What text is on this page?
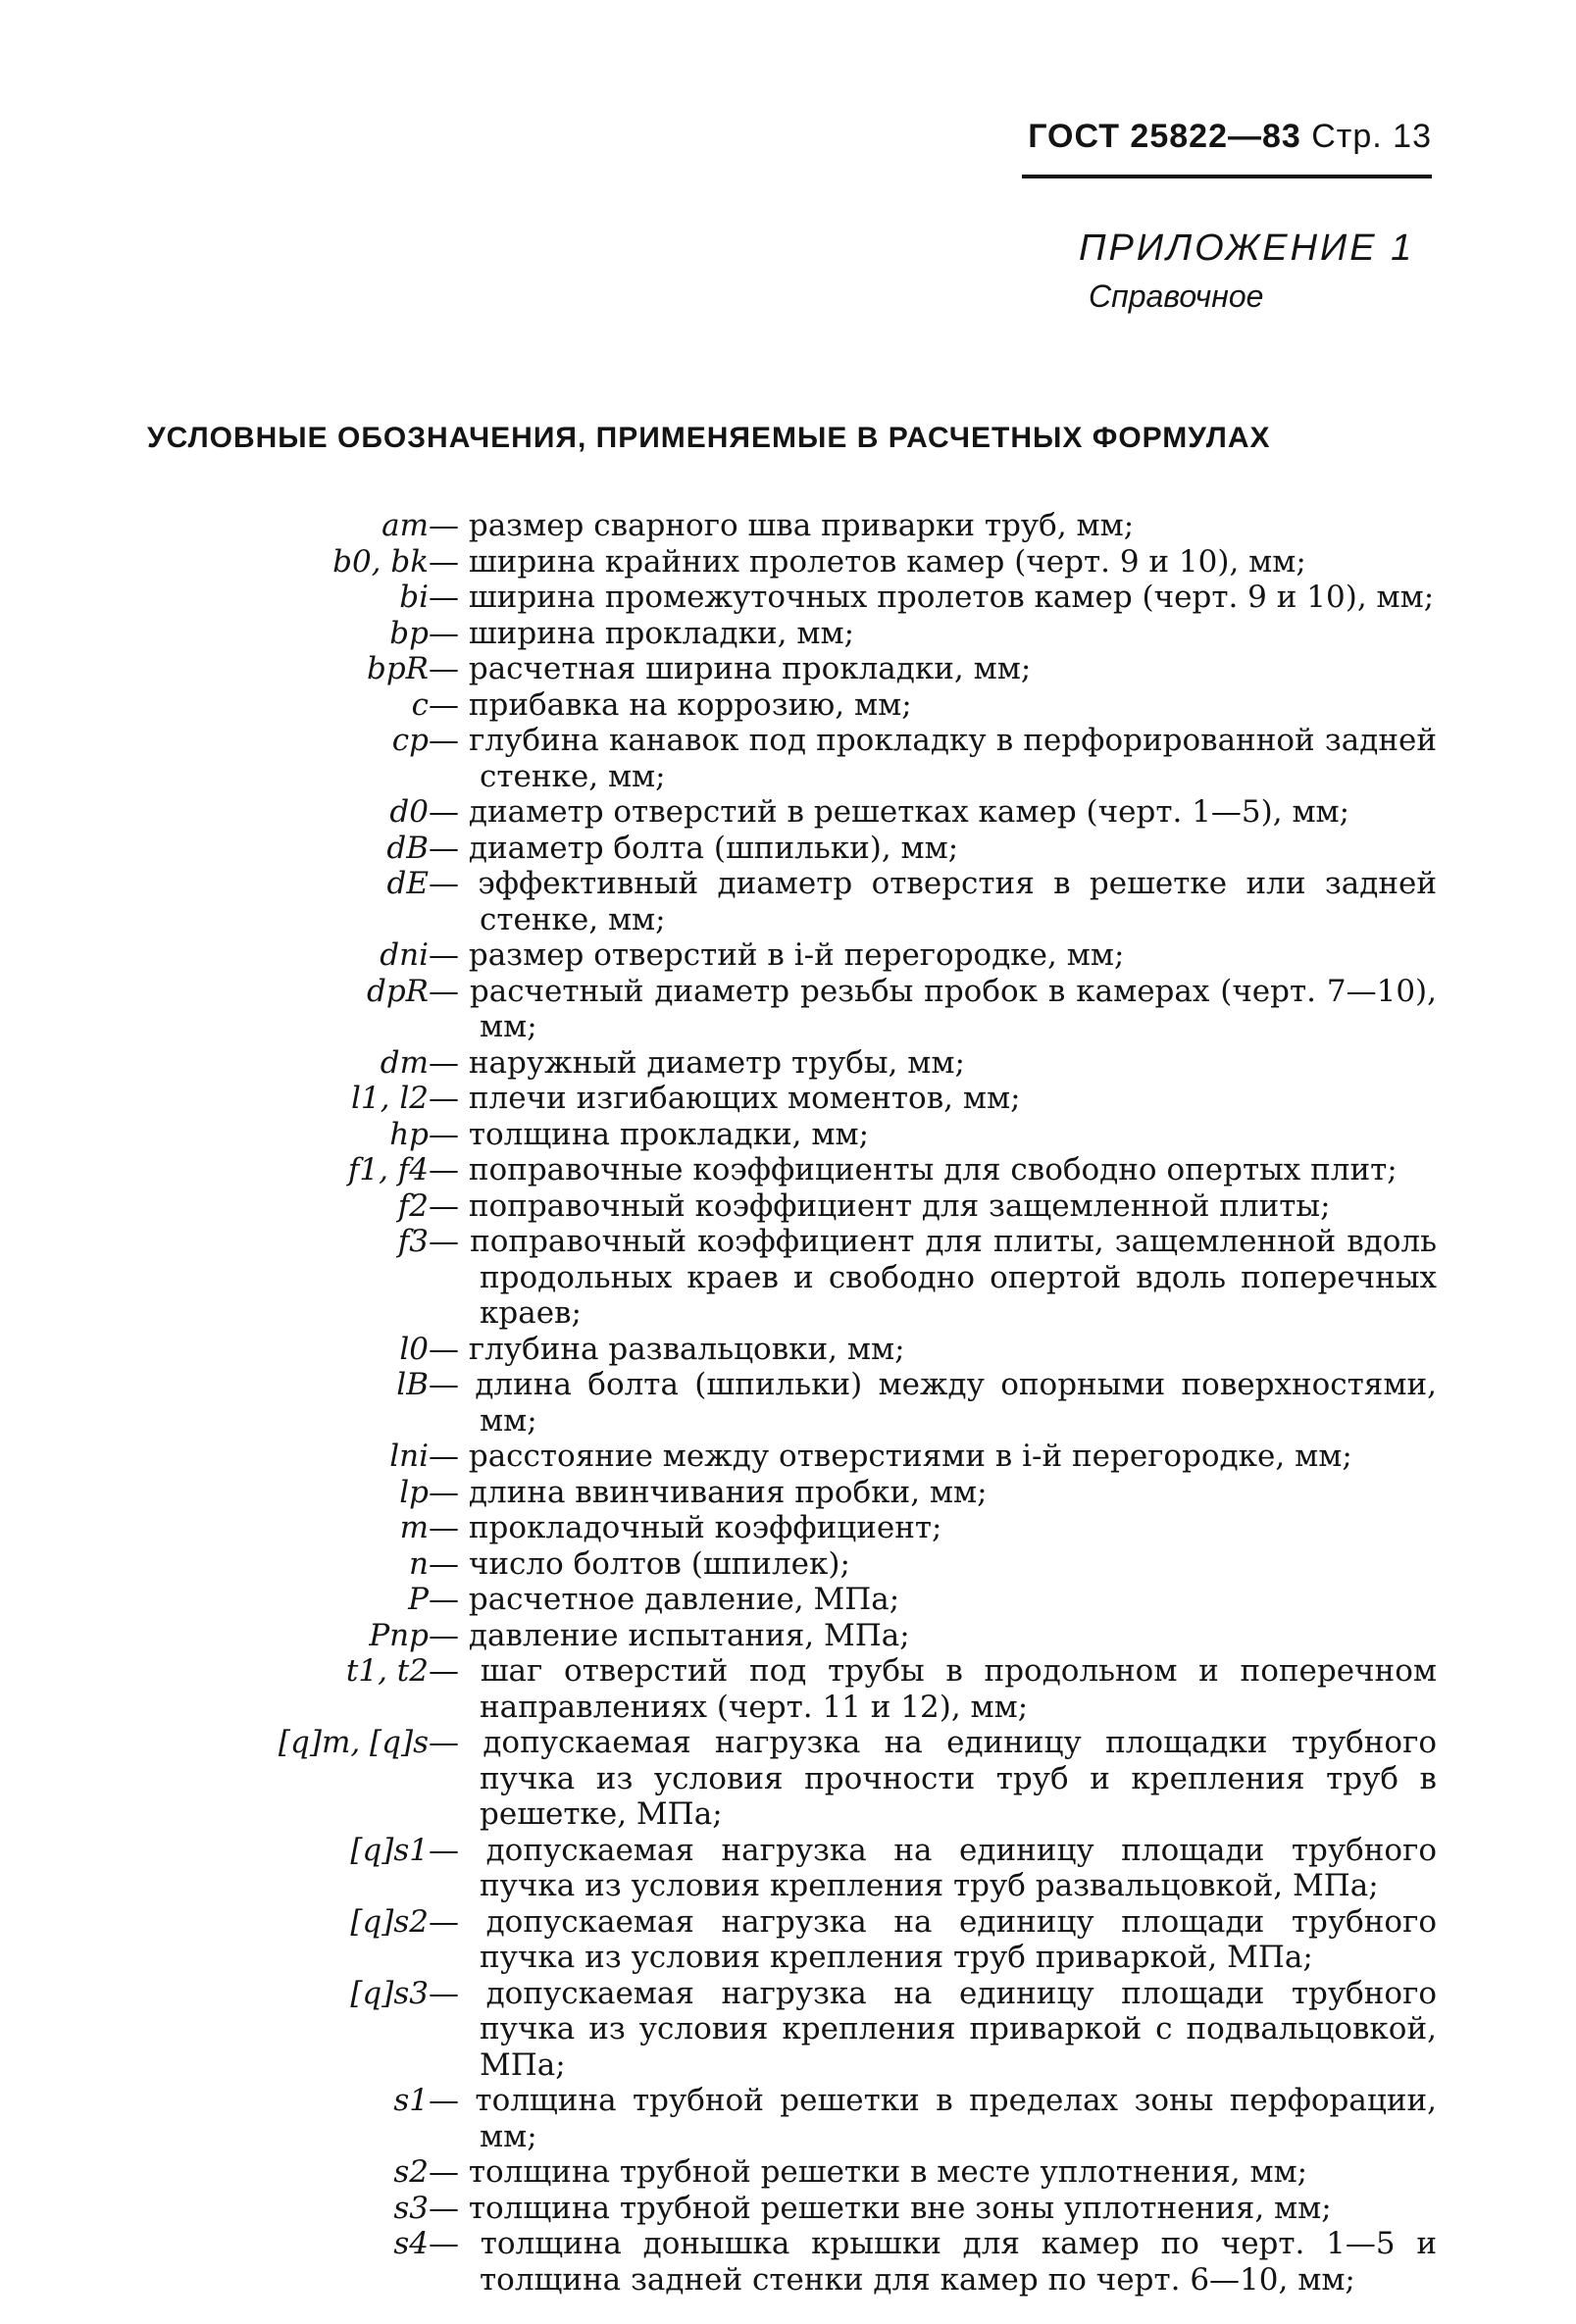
ГОСТ 25822—83 Стр. 13
ПРИЛОЖЕНИЕ 1
Справочное
УСЛОВНЫЕ ОБОЗНАЧЕНИЯ, ПРИМЕНЯЕМЫЕ В РАСЧЕТНЫХ ФОРМУЛАХ
aт — размер сварного шва приварки труб, мм;
b0, bk — ширина крайних пролетов камер (черт. 9 и 10), мм;
bi — ширина промежуточных пролетов камер (черт. 9 и 10), мм;
bp — ширина прокладки, мм;
bpR — расчетная ширина прокладки, мм;
c — прибавка на коррозию, мм;
cp — глубина канавок под прокладку в перфорированной задней стенке, мм;
d0 — диаметр отверстий в решетках камер (черт. 1—5), мм;
dB — диаметр болта (шпильки), мм;
dE — эффективный диаметр отверстия в решетке или задней стенке, мм;
dni — размер отверстий в i-й перегородке, мм;
dpR — расчетный диаметр резьбы пробок в камерах (черт. 7—10), мм;
dт — наружный диаметр трубы, мм;
l1, l2 — плечи изгибающих моментов, мм;
hp — толщина прокладки, мм;
f1, f4 — поправочные коэффициенты для свободно опертых плит;
f2 — поправочный коэффициент для защемленной плиты;
f3 — поправочный коэффициент для плиты, защемленной вдоль продольных краев и свободно опертой вдоль поперечных краев;
l0 — глубина развальцовки, мм;
lB — длина болта (шпильки) между опорными поверхностями, мм;
lni — расстояние между отверстиями в i-й перегородке, мм;
lp — длина ввинчивания пробки, мм;
m — прокладочный коэффициент;
n — число болтов (шпилек);
P — расчетное давление, МПа;
Pnp — давление испытания, МПа;
t1, t2 — шаг отверстий под трубы в продольном и поперечном направлениях (черт. 11 и 12), мм;
[q]т, [q]s — допускаемая нагрузка на единицу площадки трубного пучка из условия прочности труб и крепления труб в решетке, МПа;
[q]s1 — допускаемая нагрузка на единицу площади трубного пучка из условия крепления труб развальцовкой, МПа;
[q]s2 — допускаемая нагрузка на единицу площади трубного пучка из условия крепления труб приваркой, МПа;
[q]s3 — допускаемая нагрузка на единицу площади трубного пучка из условия крепления приваркой с подвальцовкой, МПа;
s1 — толщина трубной решетки в пределах зоны перфорации, мм;
s2 — толщина трубной решетки в месте уплотнения, мм;
s3 — толщина трубной решетки вне зоны уплотнения, мм;
s4 — толщина донышка крышки для камер по черт. 1—5 и толщина задней стенки для камер по черт. 6—10, мм;
